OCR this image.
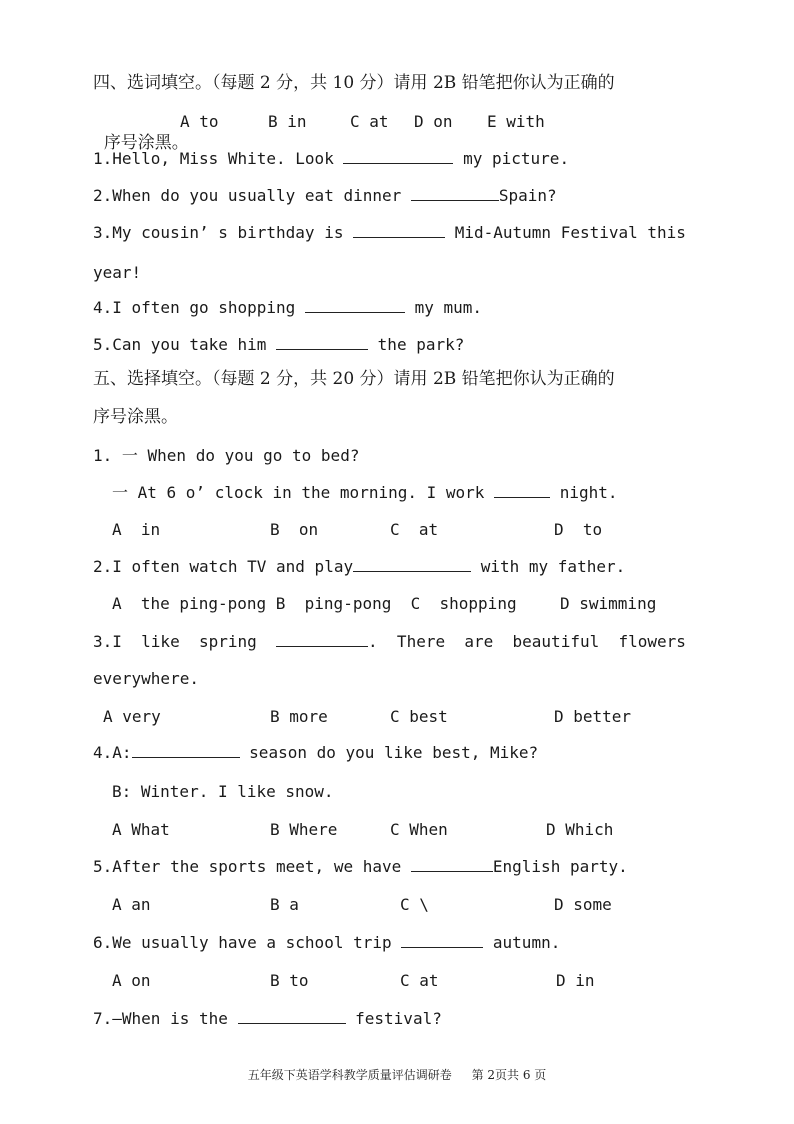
四、选词填空。（每题 2 分，共 10 分）请用 2B 铅笔把你认为正确的

序号涂黑。

A to	B in	C at D on E with
1.Hello, Miss White. Look	my picture.
2.When do you usually eat dinner	Spain?
3.My cousin’ s birthday is	Mid-Autumn Festival this
year!
4.I often go shopping	my mum.
5.Can you take him	the park?
五、选择填空。（每题 2 分，共 20 分）请用 2B 铅笔把你认为正确的
序号涂黑。
1. 一 When do you go to bed?
一 At 6 o’ clock in the morning. I work	night.
A  in	B  on	C  at	D  to
2.I often watch TV and play	with my father.
A  the ping-pong B  ping-pong  C  shopping	D swimming
3.I  like  spring	.  There  are  beautiful  flowers
everywhere.
A very	B more	C best	D better
4.A:	season do you like best, Mike?
B: Winter. I like snow.
A What	B Where	C When	D Which
5.After the sports meet, we have	English party.
A an	B a	C \	D some
6.We usually have a school trip	autumn.
A on	B to	C at	D in
7.—When is the	festival?
五年级下英语学科教学质量评估调研卷 第 2页共 6 页
